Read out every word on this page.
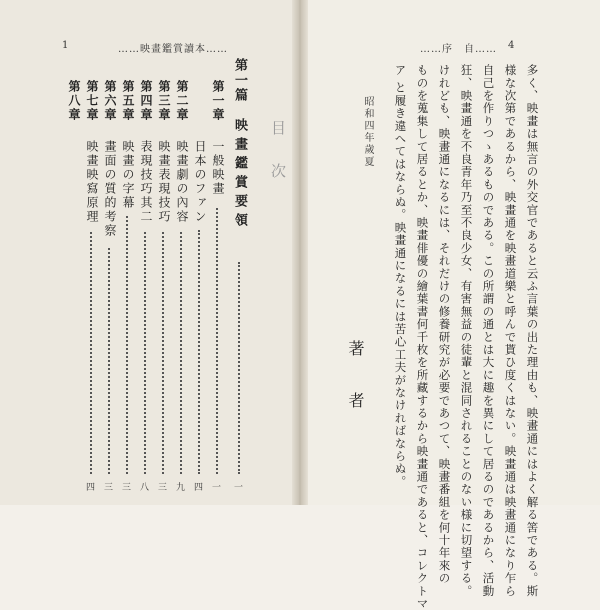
1	……映畫鑑賞讀本……
目次
第一篇
映畫鑑賞要領
一
第一章
一般映畫
一
日本のファン
四
第二章
映畫劇の內容
九
第三章
映畫表現技巧
三
第四章
表現技巧其二
八
第五章
映畫の字幕
三
第六章
畫面の質的考察
三
第七章
映畫映寫原理
四
第八章
……序　自…… 4
多く、映畫は無言の外交官であると云ふ言葉の出た理由も、映畫通にはよく解る筈である。斯
様な次第であるから、映畫通を映畫道樂と呼んで貰ひ度くはない。映畫通は映畫通になり乍ら
自己を作りつゝあるものである。この所謂の通とは大に趣を異にして居るのであるから、活動
狂、映畫通を不良青年乃至不良少女、有害無益の徒輩と混同されることのない様に切望する。
けれども、映畫通になるには、それだけの修養研究が必要であつて、映畫番組を何十年來の
ものを蒐集して居るとか、映畫俳優の繪葉書何千枚を所藏するから映畫通であると、コレクトマ
ア と履き違へてはならぬ。映畫通になるには苦心工夫がなければならぬ。
昭和四年歲夏
著　者
